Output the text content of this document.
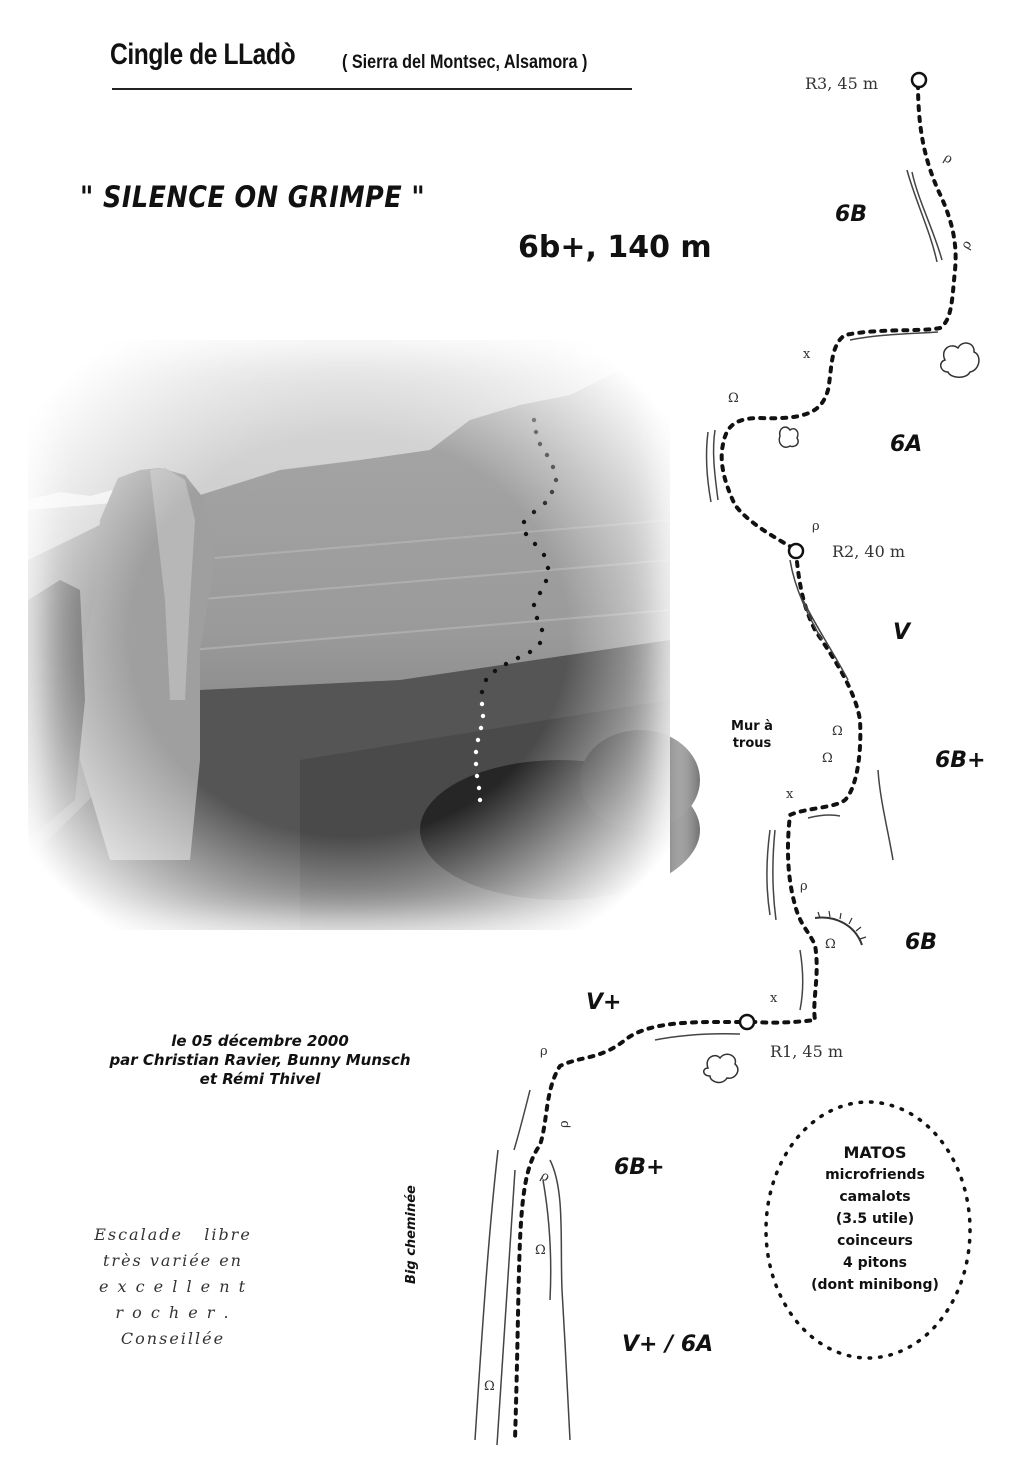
Cingle de LLadò ( Sierra del Montsec, Alsamora )
" SILENCE ON GRIMPE "
6b+, 140 m
ρ
ρ
x
Ω
ρ
Ω
Ω
x
ρ
Ω
x
ρ
ρ
ρ
Ω
Ω
R3, 45 m
R2, 40 m
R1, 45 m
6B
6A
V
6B+
6B
V+
6B+
V+ / 6A
Mur à
trous
Big cheminée
le 05 décembre 2000
par Christian Ravier, Bunny Munsch
et Rémi Thivel
Escalade   libre
très variée en
e x c e l l e n t
r o c h e r .
Conseillée
MATOS
microfriends
camalots
(3.5 utile)
coinceurs
4 pitons
(dont minibong)
